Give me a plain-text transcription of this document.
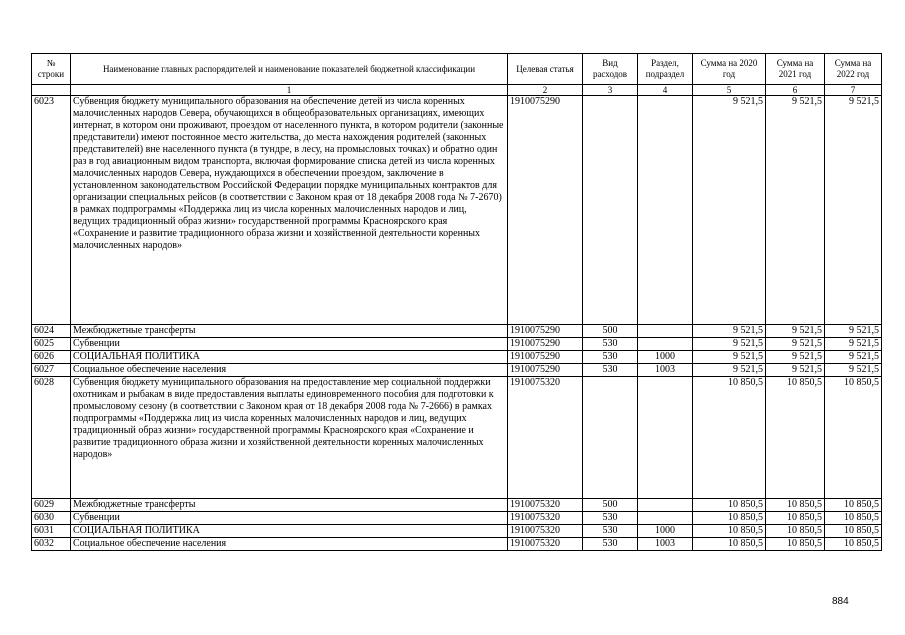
№ строки	Наименование главных распорядителей и наименование показателей бюджетной классификации	Целевая статья	Вид расходов	Раздел, подраздел	Сумма на 2020 год	Сумма на 2021 год	Сумма на 2022 год
	1	2	3	4	5	6	7
6023	Субвенция бюджету муниципального образования на обеспечение детей из числа коренных малочисленных народов Севера, обучающихся в общеобразовательных организациях, имеющих интернат, в котором они проживают, проездом от населенного пункта, в котором родители (законные представители) имеют постоянное место жительства, до места нахождения родителей (законных представителей) вне населенного пункта (в тундре, в лесу, на промысловых точках) и обратно один раз в год авиационным видом транспорта, включая формирование списка детей из числа коренных малочисленных народов Севера, нуждающихся в обеспечении проездом, заключение в установленном законодательством Российской Федерации порядке муниципальных контрактов для организации специальных рейсов (в соответствии с Законом края от 18 декабря 2008 года № 7-2670) в рамках подпрограммы «Поддержка лиц из числа коренных малочисленных народов и лиц, ведущих традиционный образ жизни» государственной программы Красноярского края «Сохранение и развитие традиционного образа жизни и хозяйственной деятельности коренных малочисленных народов»	1910075290			9 521,5	9 521,5	9 521,5
6024	Межбюджетные трансферты	1910075290	500		9 521,5	9 521,5	9 521,5
6025	Субвенции	1910075290	530		9 521,5	9 521,5	9 521,5
6026	СОЦИАЛЬНАЯ ПОЛИТИКА	1910075290	530	1000	9 521,5	9 521,5	9 521,5
6027	Социальное обеспечение населения	1910075290	530	1003	9 521,5	9 521,5	9 521,5
6028	Субвенция бюджету муниципального образования на предоставление мер социальной поддержки охотникам и рыбакам в виде предоставления выплаты единовременного пособия для подготовки к промысловому сезону (в соответствии с Законом края от 18 декабря 2008 года № 7-2666) в рамках подпрограммы «Поддержка лиц из числа коренных малочисленных народов и лиц, ведущих традиционный образ жизни» государственной программы Красноярского края «Сохранение и развитие традиционного образа жизни и хозяйственной деятельности коренных малочисленных народов»	1910075320			10 850,5	10 850,5	10 850,5
6029	Межбюджетные трансферты	1910075320	500		10 850,5	10 850,5	10 850,5
6030	Субвенции	1910075320	530		10 850,5	10 850,5	10 850,5
6031	СОЦИАЛЬНАЯ ПОЛИТИКА	1910075320	530	1000	10 850,5	10 850,5	10 850,5
6032	Социальное обеспечение населения	1910075320	530	1003	10 850,5	10 850,5	10 850,5
884
